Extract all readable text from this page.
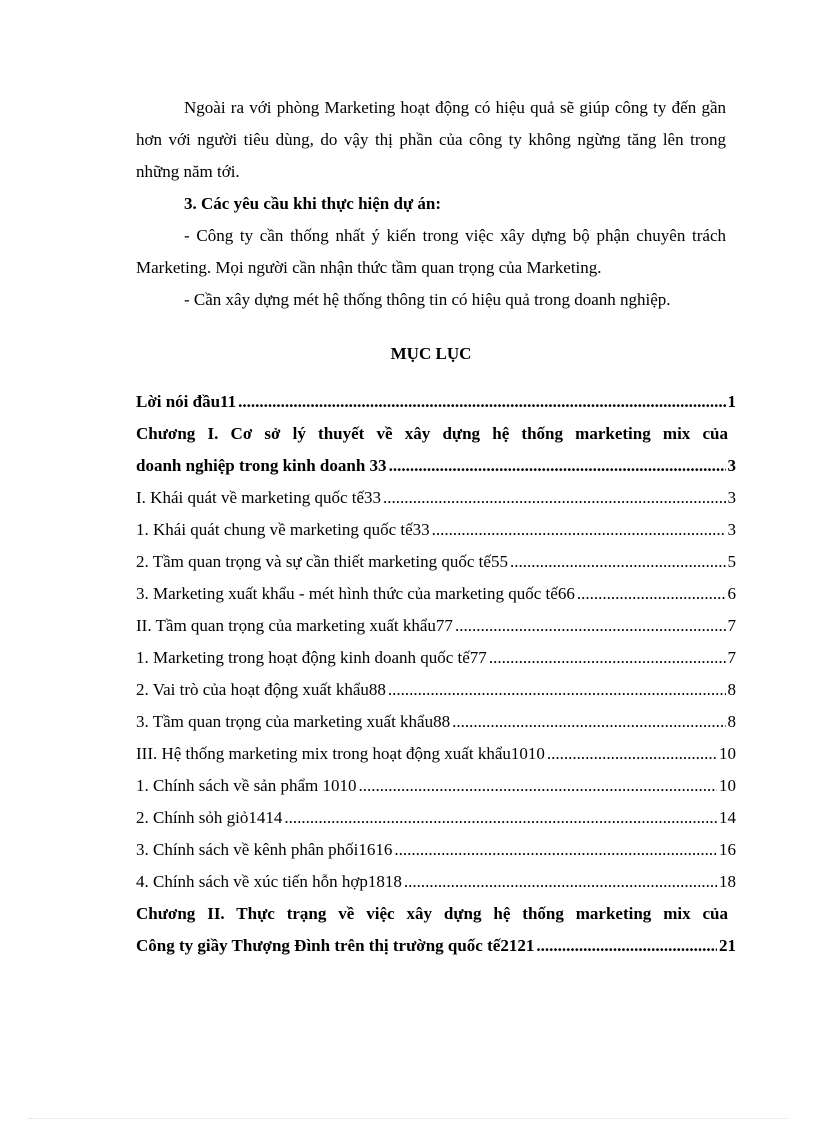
Ngoài ra với phòng Marketing hoạt động có hiệu quả sẽ giúp công ty đến gần hơn với người tiêu dùng, do vậy thị phần của công ty không ngừng tăng lên trong những năm tới.

3. Các yêu cầu khi thực hiện dự án:

- Công ty cần thống nhất ý kiến trong việc xây dựng bộ phận chuyên trách Marketing. Mọi người cần nhận thức tầm quan trọng của Marketing.

- Cần xây dựng mét hệ thống thông tin có hiệu quả trong doanh nghiệp.

MỤC LỤC
Lời nói đầu11 .....	1
Chương I. Cơ sở lý thuyết về xây dựng hệ thống marketing mix của
doanh nghiệp trong kinh doanh 33 .....	3
I. Khái quát về marketing quốc tế33 .....	3
1. Khái quát chung về marketing quốc tế33 .....	3
2. Tầm quan trọng và sự cần thiết marketing quốc tế55 .....	5
3. Marketing xuất khẩu - mét hình thức của marketing quốc tế66 .....	6
II. Tầm quan trọng của marketing xuất khẩu77 .....	7
1. Marketing trong hoạt động kinh doanh quốc tế77 .....	7
2. Vai trò của hoạt động xuất khẩu88 .....	8
3. Tầm quan trọng của marketing xuất khẩu88 .....	8
III. Hệ thống marketing mix trong hoạt động xuất khẩu1010 .....	10
1. Chính sách về sản phẩm 1010 .....	10
2. Chính sỏh giỏ1414 .....	14
3. Chính sách về kênh phân phối1616 .....	16
4. Chính sách về xúc tiến hỗn hợp1818 .....	18
Chương II. Thực trạng về việc xây dựng hệ thống marketing mix của
Công ty giầy Thượng Đình trên thị trường quốc tế2121 .....	21
